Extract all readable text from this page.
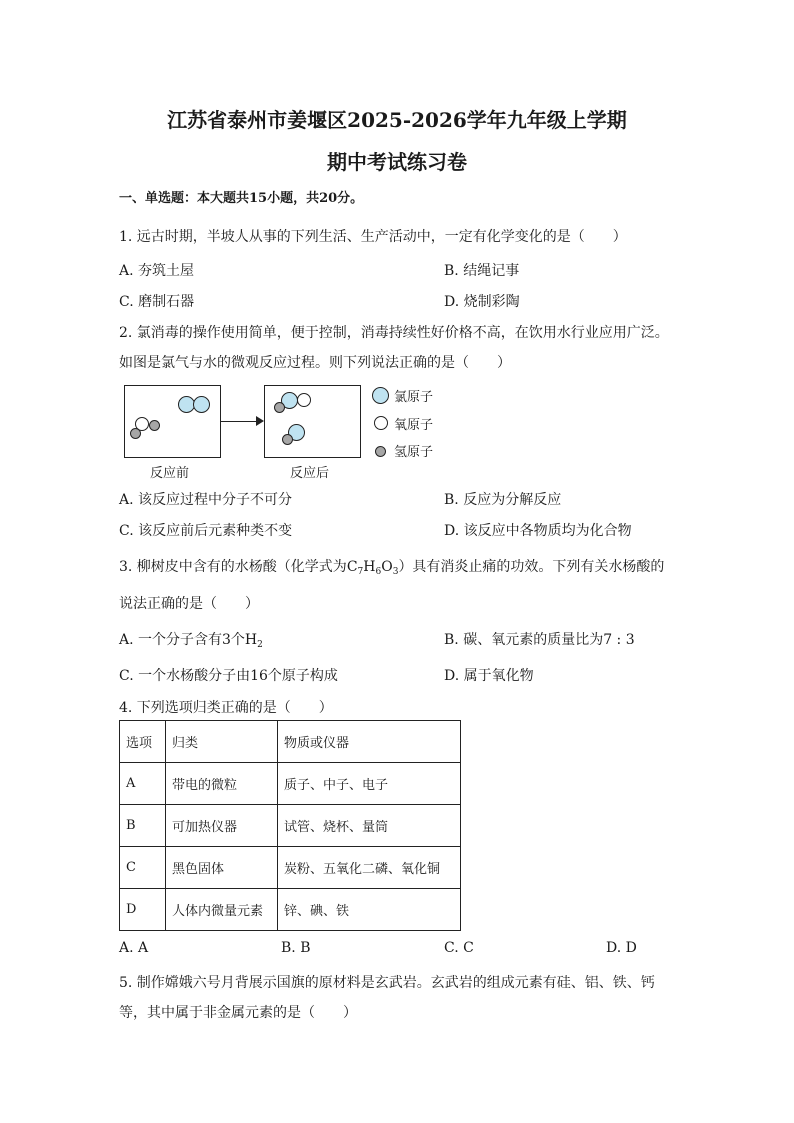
江苏省泰州市姜堰区2025-2026学年九年级上学期
期中考试练习卷
一、单选题：本大题共15小题，共20分。
1. 远古时期，半坡人从事的下列生活、生产活动中，一定有化学变化的是（　　）
A. 夯筑土屋	B. 结绳记事
C. 磨制石器	D. 烧制彩陶
2. 氯消毒的操作使用简单，便于控制，消毒持续性好价格不高，在饮用水行业应用广泛。
如图是氯气与水的微观反应过程。则下列说法正确的是（　　）
反应前	反应后
氯原子
氧原子
氢原子
A. 该反应过程中分子不可分	B. 反应为分解反应
C. 该反应前后元素种类不变	D. 该反应中各物质均为化合物
3. 柳树皮中含有的水杨酸（化学式为$C_7H_6O_3$）具有消炎止痛的功效。下列有关水杨酸的
说法正确的是（　　）
A. 一个分子含有3个$H_2$	B. 碳、氧元素的质量比为7 : 3
C. 一个水杨酸分子由16个原子构成	D. 属于氧化物
4. 下列选项归类正确的是（　　）
选项	归类	物质或仪器
A	带电的微粒	质子、中子、电子
B	可加热仪器	试管、烧杯、量筒
C	黑色固体	炭粉、五氧化二磷、氧化铜
D	人体内微量元素	锌、碘、铁
A. A	B. B	C. C	D. D
5. 制作嫦娥六号月背展示国旗的原材料是玄武岩。玄武岩的组成元素有硅、铝、铁、钙
等，其中属于非金属元素的是（　　）
